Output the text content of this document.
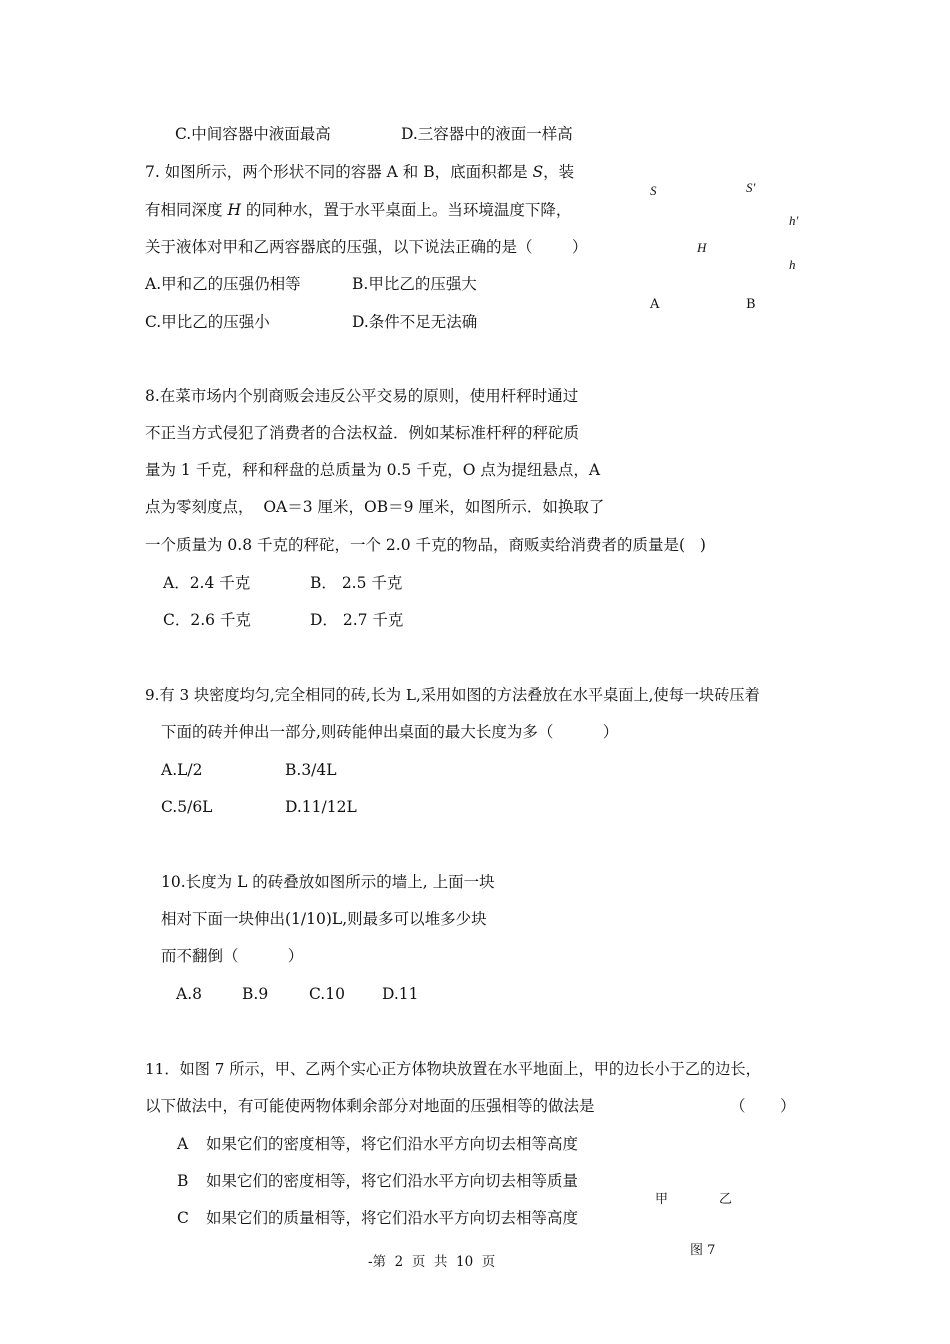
C.中间容器中液面最高	D.三容器中的液面一样高
7. 如图所示，两个形状不同的容器 A 和 B，底面积都是 S，装
有相同深度 H 的同种水，置于水平桌面上。当环境温度下降，
关于液体对甲和乙两容器底的压强，以下说法正确的是（        ）
A.甲和乙的压强仍相等	B.甲比乙的压强大
C.甲比乙的压强小	D.条件不足无法确
S	S'
h'
H
h
A	B
8.在菜市场内个别商贩会违反公平交易的原则，使用杆秤时通过
不正当方式侵犯了消费者的合法权益．例如某标准杆秤的秤砣质
量为 1 千克，秤和秤盘的总质量为 0.5 千克，O 点为提纽悬点，A
点为零刻度点，  OA＝3 厘米，OB＝9 厘米，如图所示．如换取了
一个质量为 0.8 千克的秤砣，一个 2.0 千克的物品，商贩卖给消费者的质量是(   )
A．2.4 千克	B． 2.5 千克
C．2.6 千克	D． 2.7 千克
9.有 3 块密度均匀,完全相同的砖,长为 L,采用如图的方法叠放在水平桌面上,使每一块砖压着
下面的砖并伸出一部分,则砖能伸出桌面的最大长度为多（          ）
A.L/2	B.3/4L
C.5/6L	D.11/12L
10.长度为 L 的砖叠放如图所示的墙上, 上面一块
相对下面一块伸出(1/10)L,则最多可以堆多少块
而不翻倒（          ）
A.8	B.9	C.10 D.11
11．如图 7 所示，甲、乙两个实心正方体物块放置在水平地面上，甲的边长小于乙的边长，
以下做法中，有可能使两物体剩余部分对地面的压强相等的做法是	（       ）
A 如果它们的密度相等，将它们沿水平方向切去相等高度
B 如果它们的密度相等，将它们沿水平方向切去相等质量
C 如果它们的质量相等，将它们沿水平方向切去相等高度
甲	乙
图 7
-第  2  页  共  10  页
